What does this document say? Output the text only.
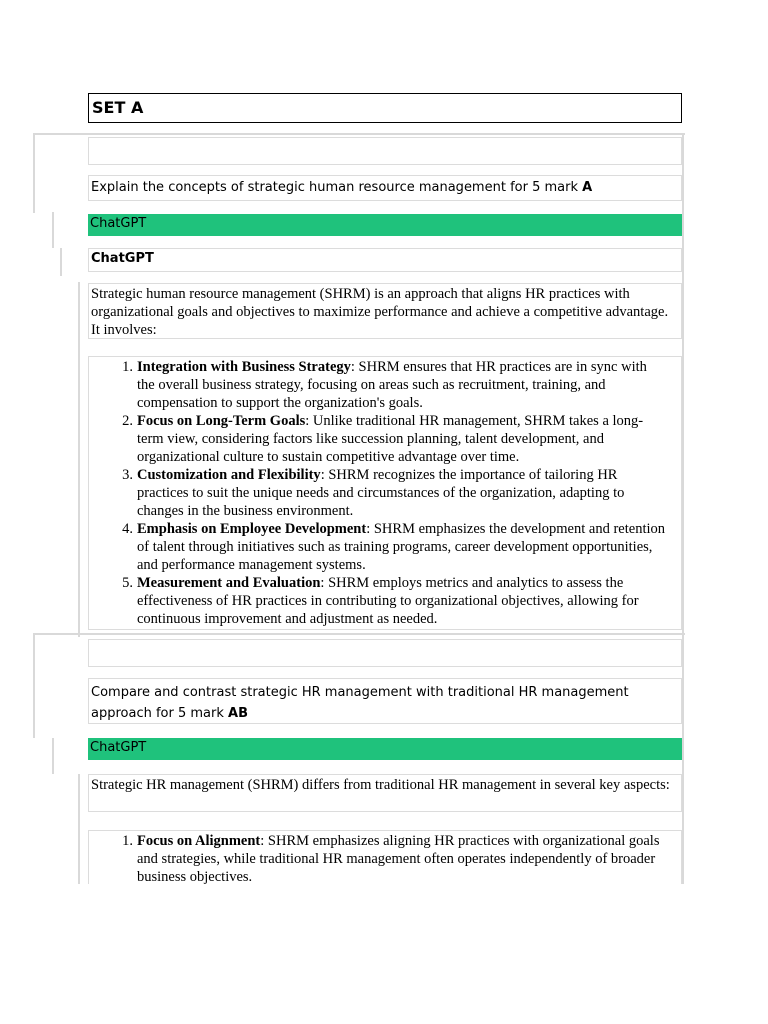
SET A
Explain the concepts of strategic human resource management for 5 mark A
ChatGPT
ChatGPT
Strategic human resource management (SHRM) is an approach that aligns HR practices with organizational goals and objectives to maximize performance and achieve a competitive advantage. It involves:
1. Integration with Business Strategy: SHRM ensures that HR practices are in sync with the overall business strategy, focusing on areas such as recruitment, training, and compensation to support the organization's goals.
2. Focus on Long-Term Goals: Unlike traditional HR management, SHRM takes a long-term view, considering factors like succession planning, talent development, and organizational culture to sustain competitive advantage over time.
3. Customization and Flexibility: SHRM recognizes the importance of tailoring HR practices to suit the unique needs and circumstances of the organization, adapting to changes in the business environment.
4. Emphasis on Employee Development: SHRM emphasizes the development and retention of talent through initiatives such as training programs, career development opportunities, and performance management systems.
5. Measurement and Evaluation: SHRM employs metrics and analytics to assess the effectiveness of HR practices in contributing to organizational objectives, allowing for continuous improvement and adjustment as needed.
Compare and contrast strategic HR management with traditional HR management approach for 5 mark AB
ChatGPT
Strategic HR management (SHRM) differs from traditional HR management in several key aspects:
1. Focus on Alignment: SHRM emphasizes aligning HR practices with organizational goals and strategies, while traditional HR management often operates independently of broader business objectives.
